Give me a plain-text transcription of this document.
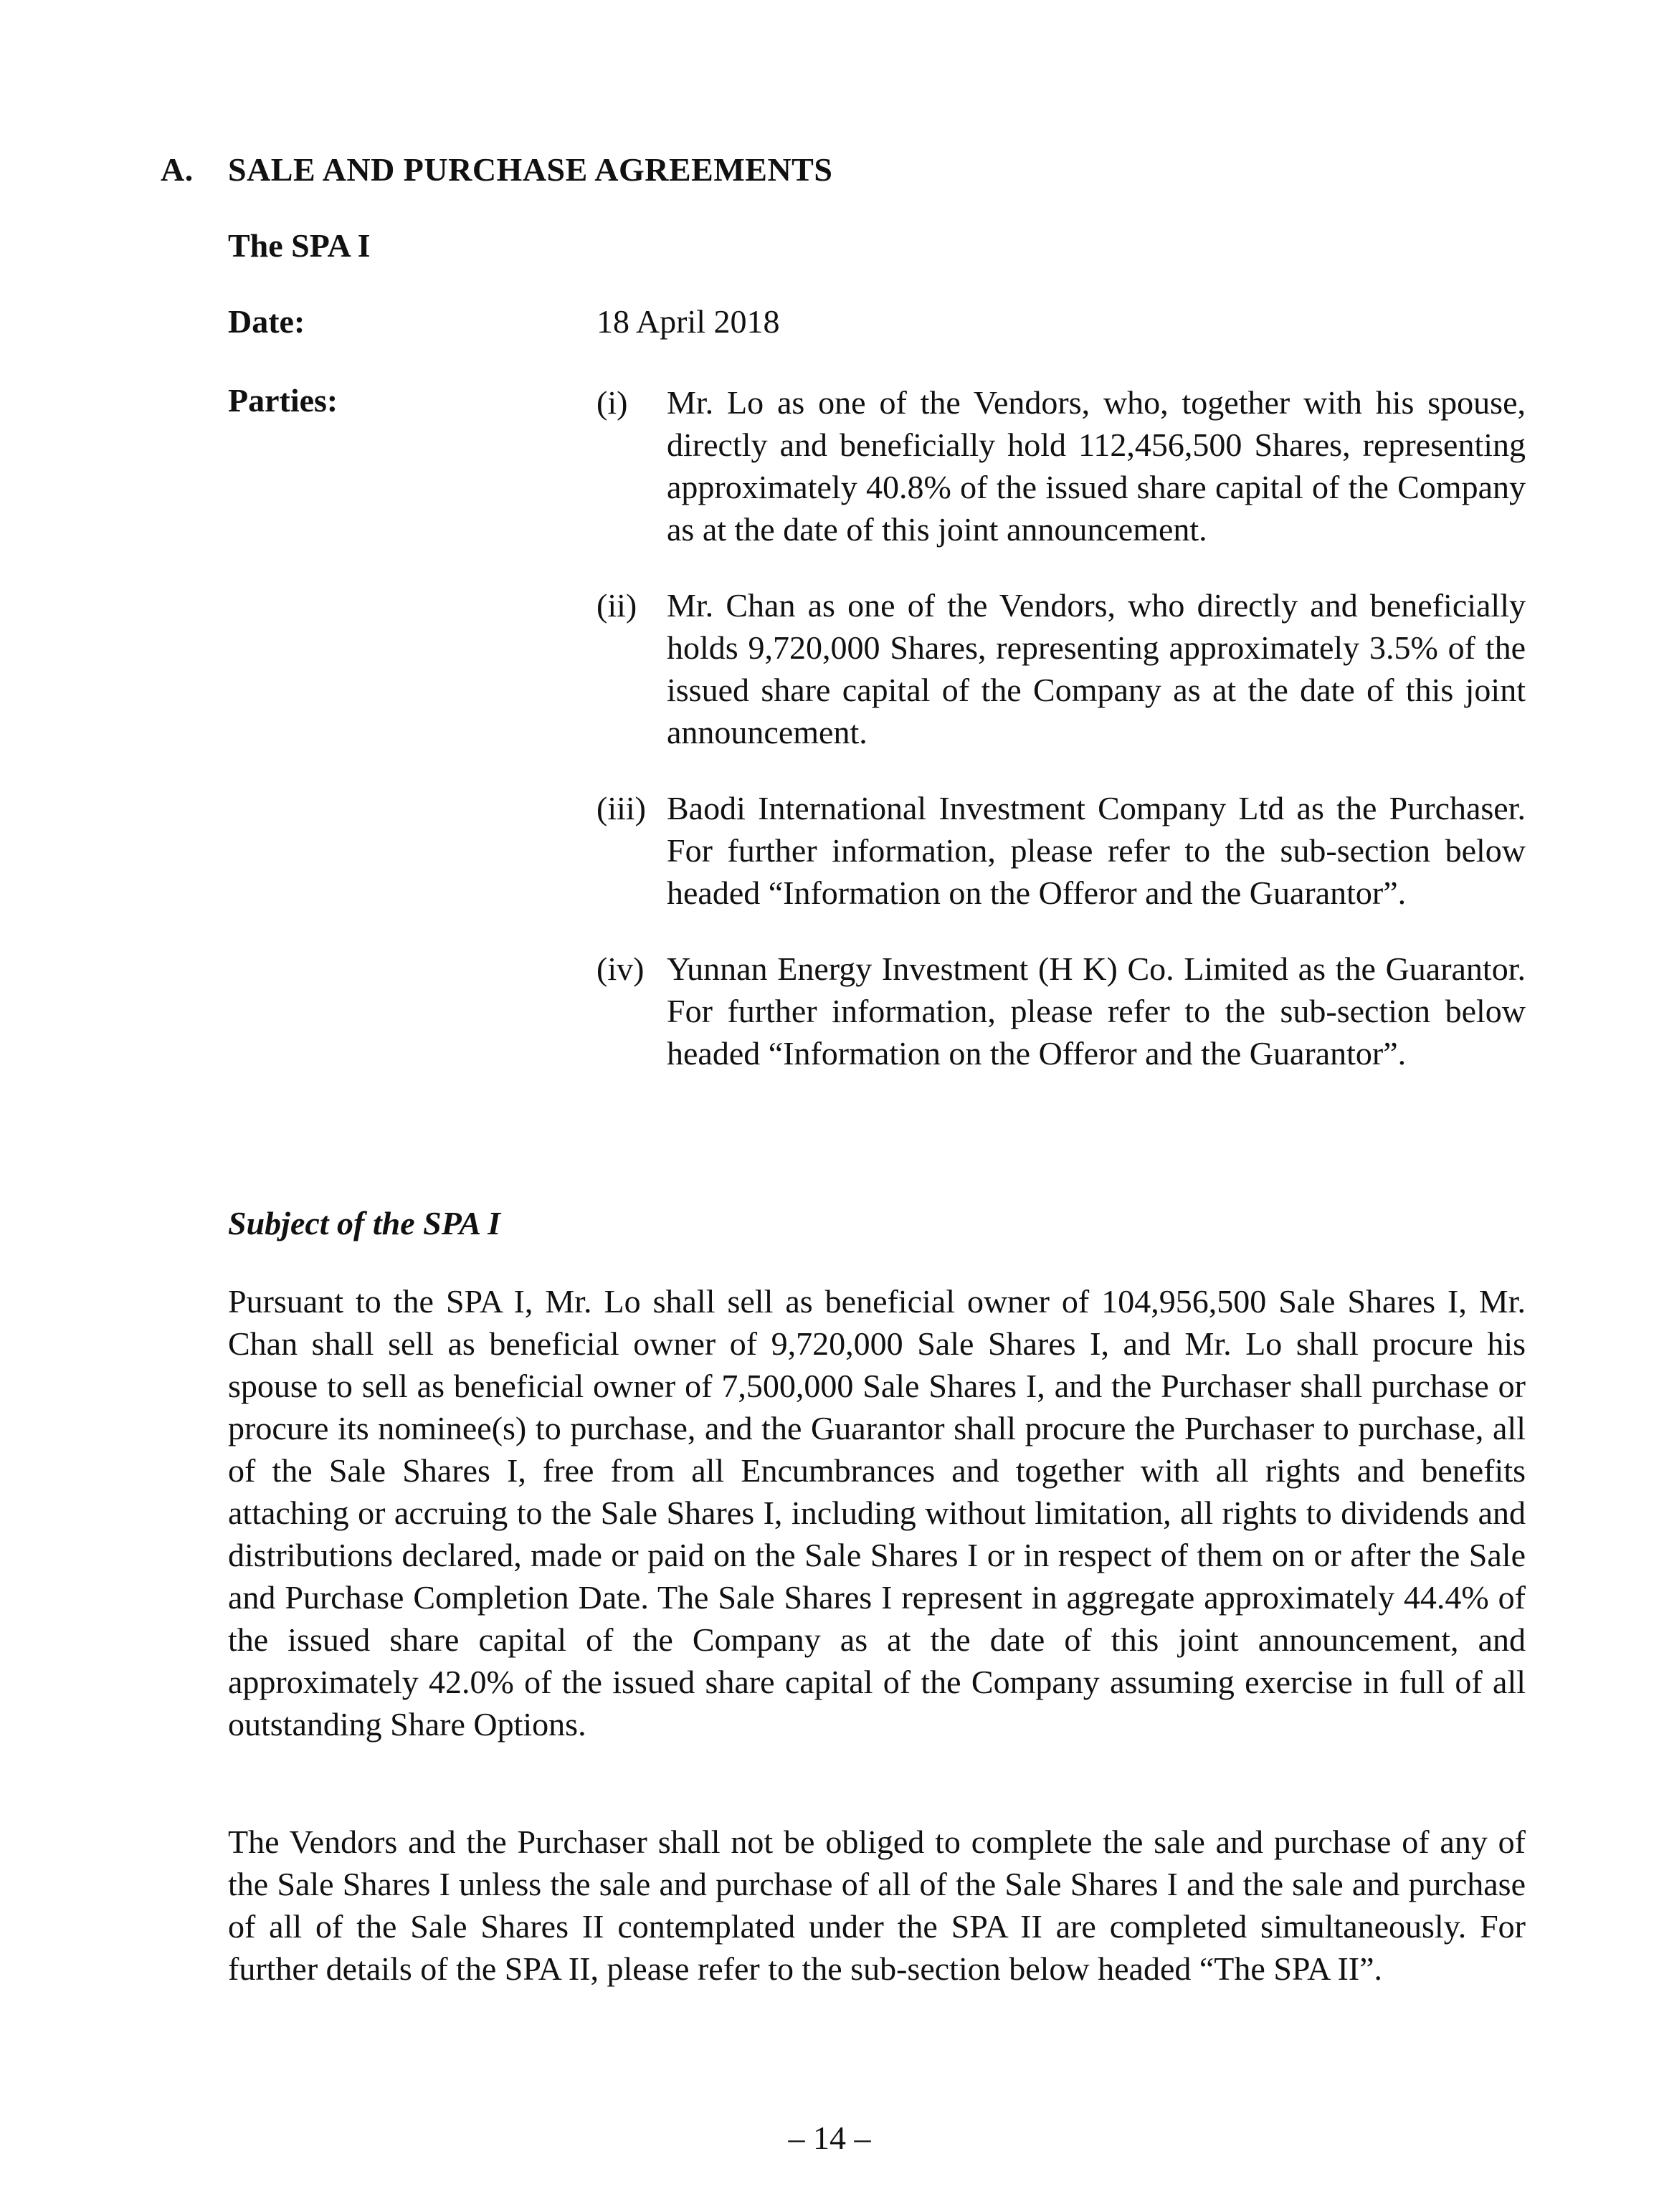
A. SALE AND PURCHASE AGREEMENTS
The SPA I
Date:	18 April 2018
Parties:	(i)	Mr. Lo as one of the Vendors, who, together with his spouse, directly and beneficially hold 112,456,500 Shares, representing approximately 40.8% of the issued share capital of the Company as at the date of this joint announcement.
(ii) Mr. Chan as one of the Vendors, who directly and beneficially holds 9,720,000 Shares, representing approximately 3.5% of the issued share capital of the Company as at the date of this joint announcement.
(iii) Baodi International Investment Company Ltd as the Purchaser. For further information, please refer to the sub-section below headed “Information on the Offeror and the Guarantor”.
(iv) Yunnan Energy Investment (H K) Co. Limited as the Guarantor. For further information, please refer to the sub-section below headed “Information on the Offeror and the Guarantor”.
Subject of the SPA I

Pursuant to the SPA I, Mr. Lo shall sell as beneficial owner of 104,956,500 Sale Shares I, Mr. Chan shall sell as beneficial owner of 9,720,000 Sale Shares I, and Mr. Lo shall procure his spouse to sell as beneficial owner of 7,500,000 Sale Shares I, and the Purchaser shall purchase or procure its nominee(s) to purchase, and the Guarantor shall procure the Purchaser to purchase, all of the Sale Shares I, free from all Encumbrances and together with all rights and benefits attaching or accruing to the Sale Shares I, including without limitation, all rights to dividends and distributions declared, made or paid on the Sale Shares I or in respect of them on or after the Sale and Purchase Completion Date. The Sale Shares I represent in aggregate approximately 44.4% of the issued share capital of the Company as at the date of this joint announcement, and approximately 42.0% of the issued share capital of the Company assuming exercise in full of all outstanding Share Options.

The Vendors and the Purchaser shall not be obliged to complete the sale and purchase of any of the Sale Shares I unless the sale and purchase of all of the Sale Shares I and the sale and purchase of all of the Sale Shares II contemplated under the SPA II are completed simultaneously. For further details of the SPA II, please refer to the sub-section below headed “The SPA II”.

– 14 –
